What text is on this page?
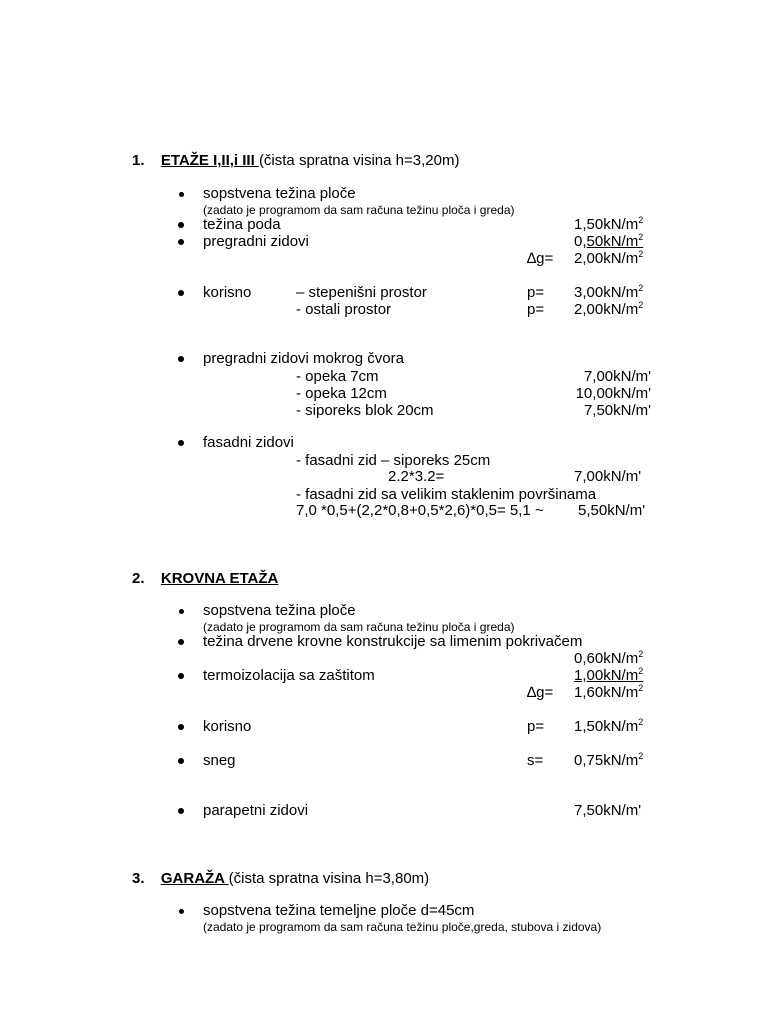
1. ETAŽE I,II,i III (čista spratna visina h=3,20m)
sopstvena težina ploče
(zadato je programom da sam računa težinu ploča i greda)
težina poda	$1,50kN/m^2$
pregradni zidovi	$0,50kN/m^2$
$\Delta g= 2,00kN/m^2$
korisno	– stepenišni prostor	$p= 3,00kN/m^2$
- ostali prostor	$p= 2,00kN/m^2$
pregradni zidovi mokrog čvora
- opeka 7cm	7,00kN/m'
- opeka 12cm	10,00kN/m'
- siporeks blok 20cm	7,50kN/m'
fasadni zidovi
- fasadni zid – siporeks 25cm
2.2*3.2=	7,00kN/m'
- fasadni zid sa velikim staklenim površinama
7,0 *0,5+(2,2*0,8+0,5*2,6)*0,5= 5,1 ~ 5,50kN/m'
2. KROVNA ETAŽA
sopstvena težina ploče
(zadato je programom da sam računa težinu ploča i greda)
težina drvene krovne konstrukcije sa limenim pokrivačem
$0,60kN/m^2$
termoizolacija sa zaštitom	$1,00kN/m^2$
$\Delta g= 1,60kN/m^2$
korisno	$p= 1,50kN/m^2$
sneg	$s= 0,75kN/m^2$
parapetni zidovi	7,50kN/m'
3. GARAŽA (čista spratna visina h=3,80m)
sopstvena težina temeljne ploče d=45cm
(zadato je programom da sam računa težinu ploče,greda, stubova i zidova)
